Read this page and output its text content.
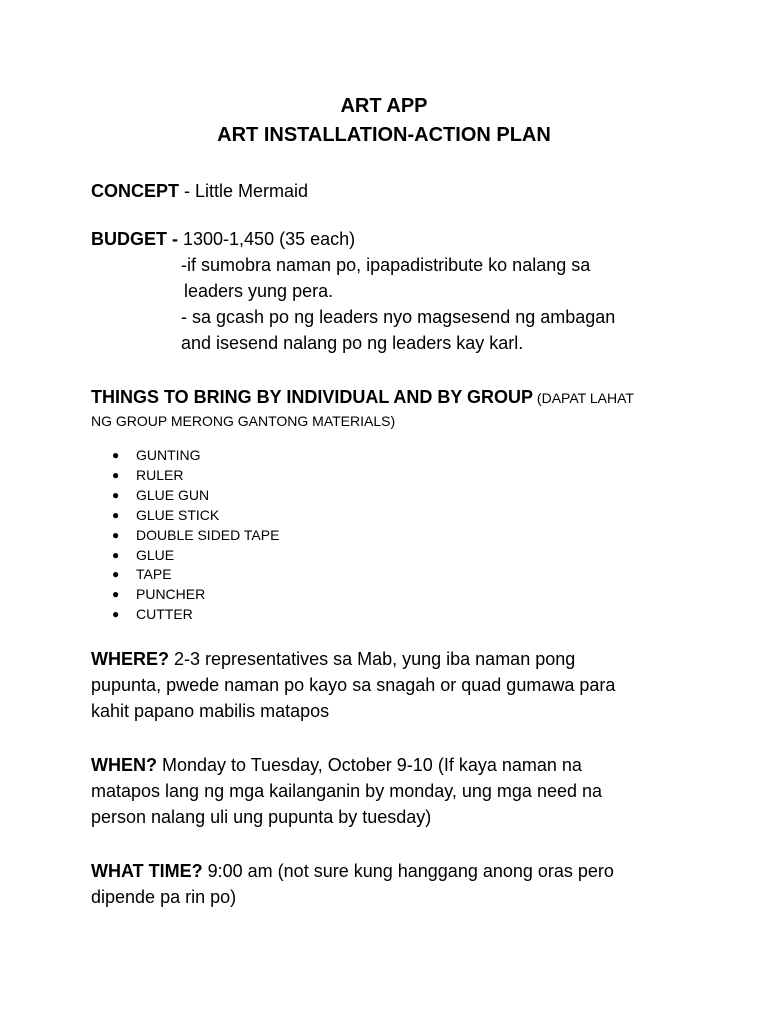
ART APP
ART INSTALLATION-ACTION PLAN
CONCEPT - Little Mermaid
BUDGET - 1300-1,450 (35 each)
-if sumobra naman po, ipapadistribute ko nalang sa
leaders yung pera.
- sa gcash po ng leaders nyo magsesend ng ambagan
and isesend nalang po ng leaders kay karl.
THINGS TO BRING BY INDIVIDUAL AND BY GROUP (DAPAT LAHAT
NG GROUP MERONG GANTONG MATERIALS)
● GUNTING
● RULER
● GLUE GUN
● GLUE STICK
● DOUBLE SIDED TAPE
● GLUE
● TAPE
● PUNCHER
● CUTTER
WHERE? 2-3 representatives sa Mab, yung iba naman pong
pupunta, pwede naman po kayo sa snagah or quad gumawa para
kahit papano mabilis matapos
WHEN? Monday to Tuesday, October 9-10 (If kaya naman na
matapos lang ng mga kailanganin by monday, ung mga need na
person nalang uli ung pupunta by tuesday)
WHAT TIME? 9:00 am (not sure kung hanggang anong oras pero
dipende pa rin po)
